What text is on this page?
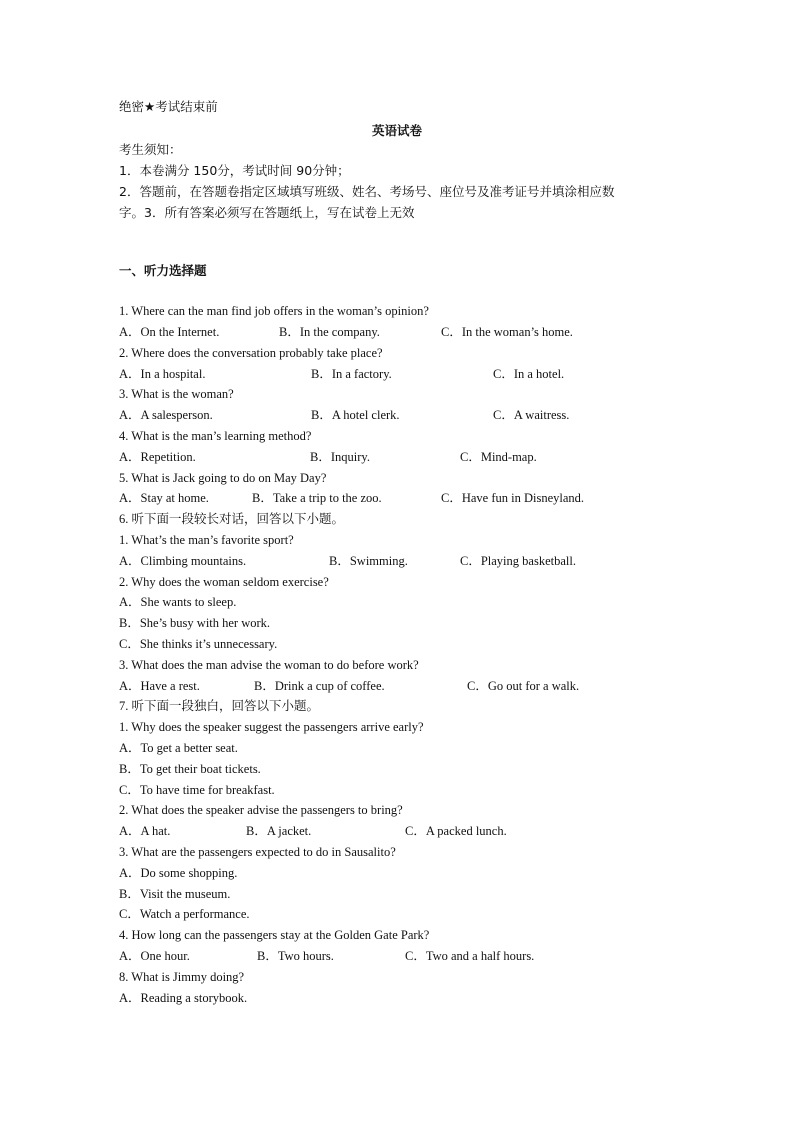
绝密★考试结束前
英语试卷
考生须知：
1．本卷满分 150分，考试时间 90分钟；
2．答题前，在答题卷指定区域填写班级、姓名、考场号、座位号及准考证号并填涂相应数
字。3．所有答案必须写在答题纸上，写在试卷上无效
一、听力选择题
1. Where can the man find job offers in the woman’s opinion?
A．On the Internet.	B．In the company.	C．In the woman’s home.
2. Where does the conversation probably take place?
A．In a hospital.	B．In a factory.	C．In a hotel.
3. What is the woman?
A．A salesperson.	B．A hotel clerk.	C．A waitress.
4. What is the man’s learning method?
A．Repetition.	B．Inquiry.	C．Mind-map.
5. What is Jack going to do on May Day?
A．Stay at home.	B．Take a trip to the zoo.	C．Have fun in Disneyland.
6. 听下面一段较长对话，回答以下小题。
1. What’s the man’s favorite sport?
A．Climbing mountains.	B．Swimming.	C．Playing basketball.
2. Why does the woman seldom exercise?
A．She wants to sleep.
B．She’s busy with her work.
C．She thinks it’s unnecessary.
3. What does the man advise the woman to do before work?
A．Have a rest.	B．Drink a cup of coffee.	C．Go out for a walk.
7. 听下面一段独白，回答以下小题。
1. Why does the speaker suggest the passengers arrive early?
A．To get a better seat.
B．To get their boat tickets.
C．To have time for breakfast.
2. What does the speaker advise the passengers to bring?
A．A hat.	B．A jacket.	C．A packed lunch.
3. What are the passengers expected to do in Sausalito?
A．Do some shopping.
B．Visit the museum.
C．Watch a performance.
4. How long can the passengers stay at the Golden Gate Park?
A．One hour.	B．Two hours.	C．Two and a half hours.
8. What is Jimmy doing?
A．Reading a storybook.
